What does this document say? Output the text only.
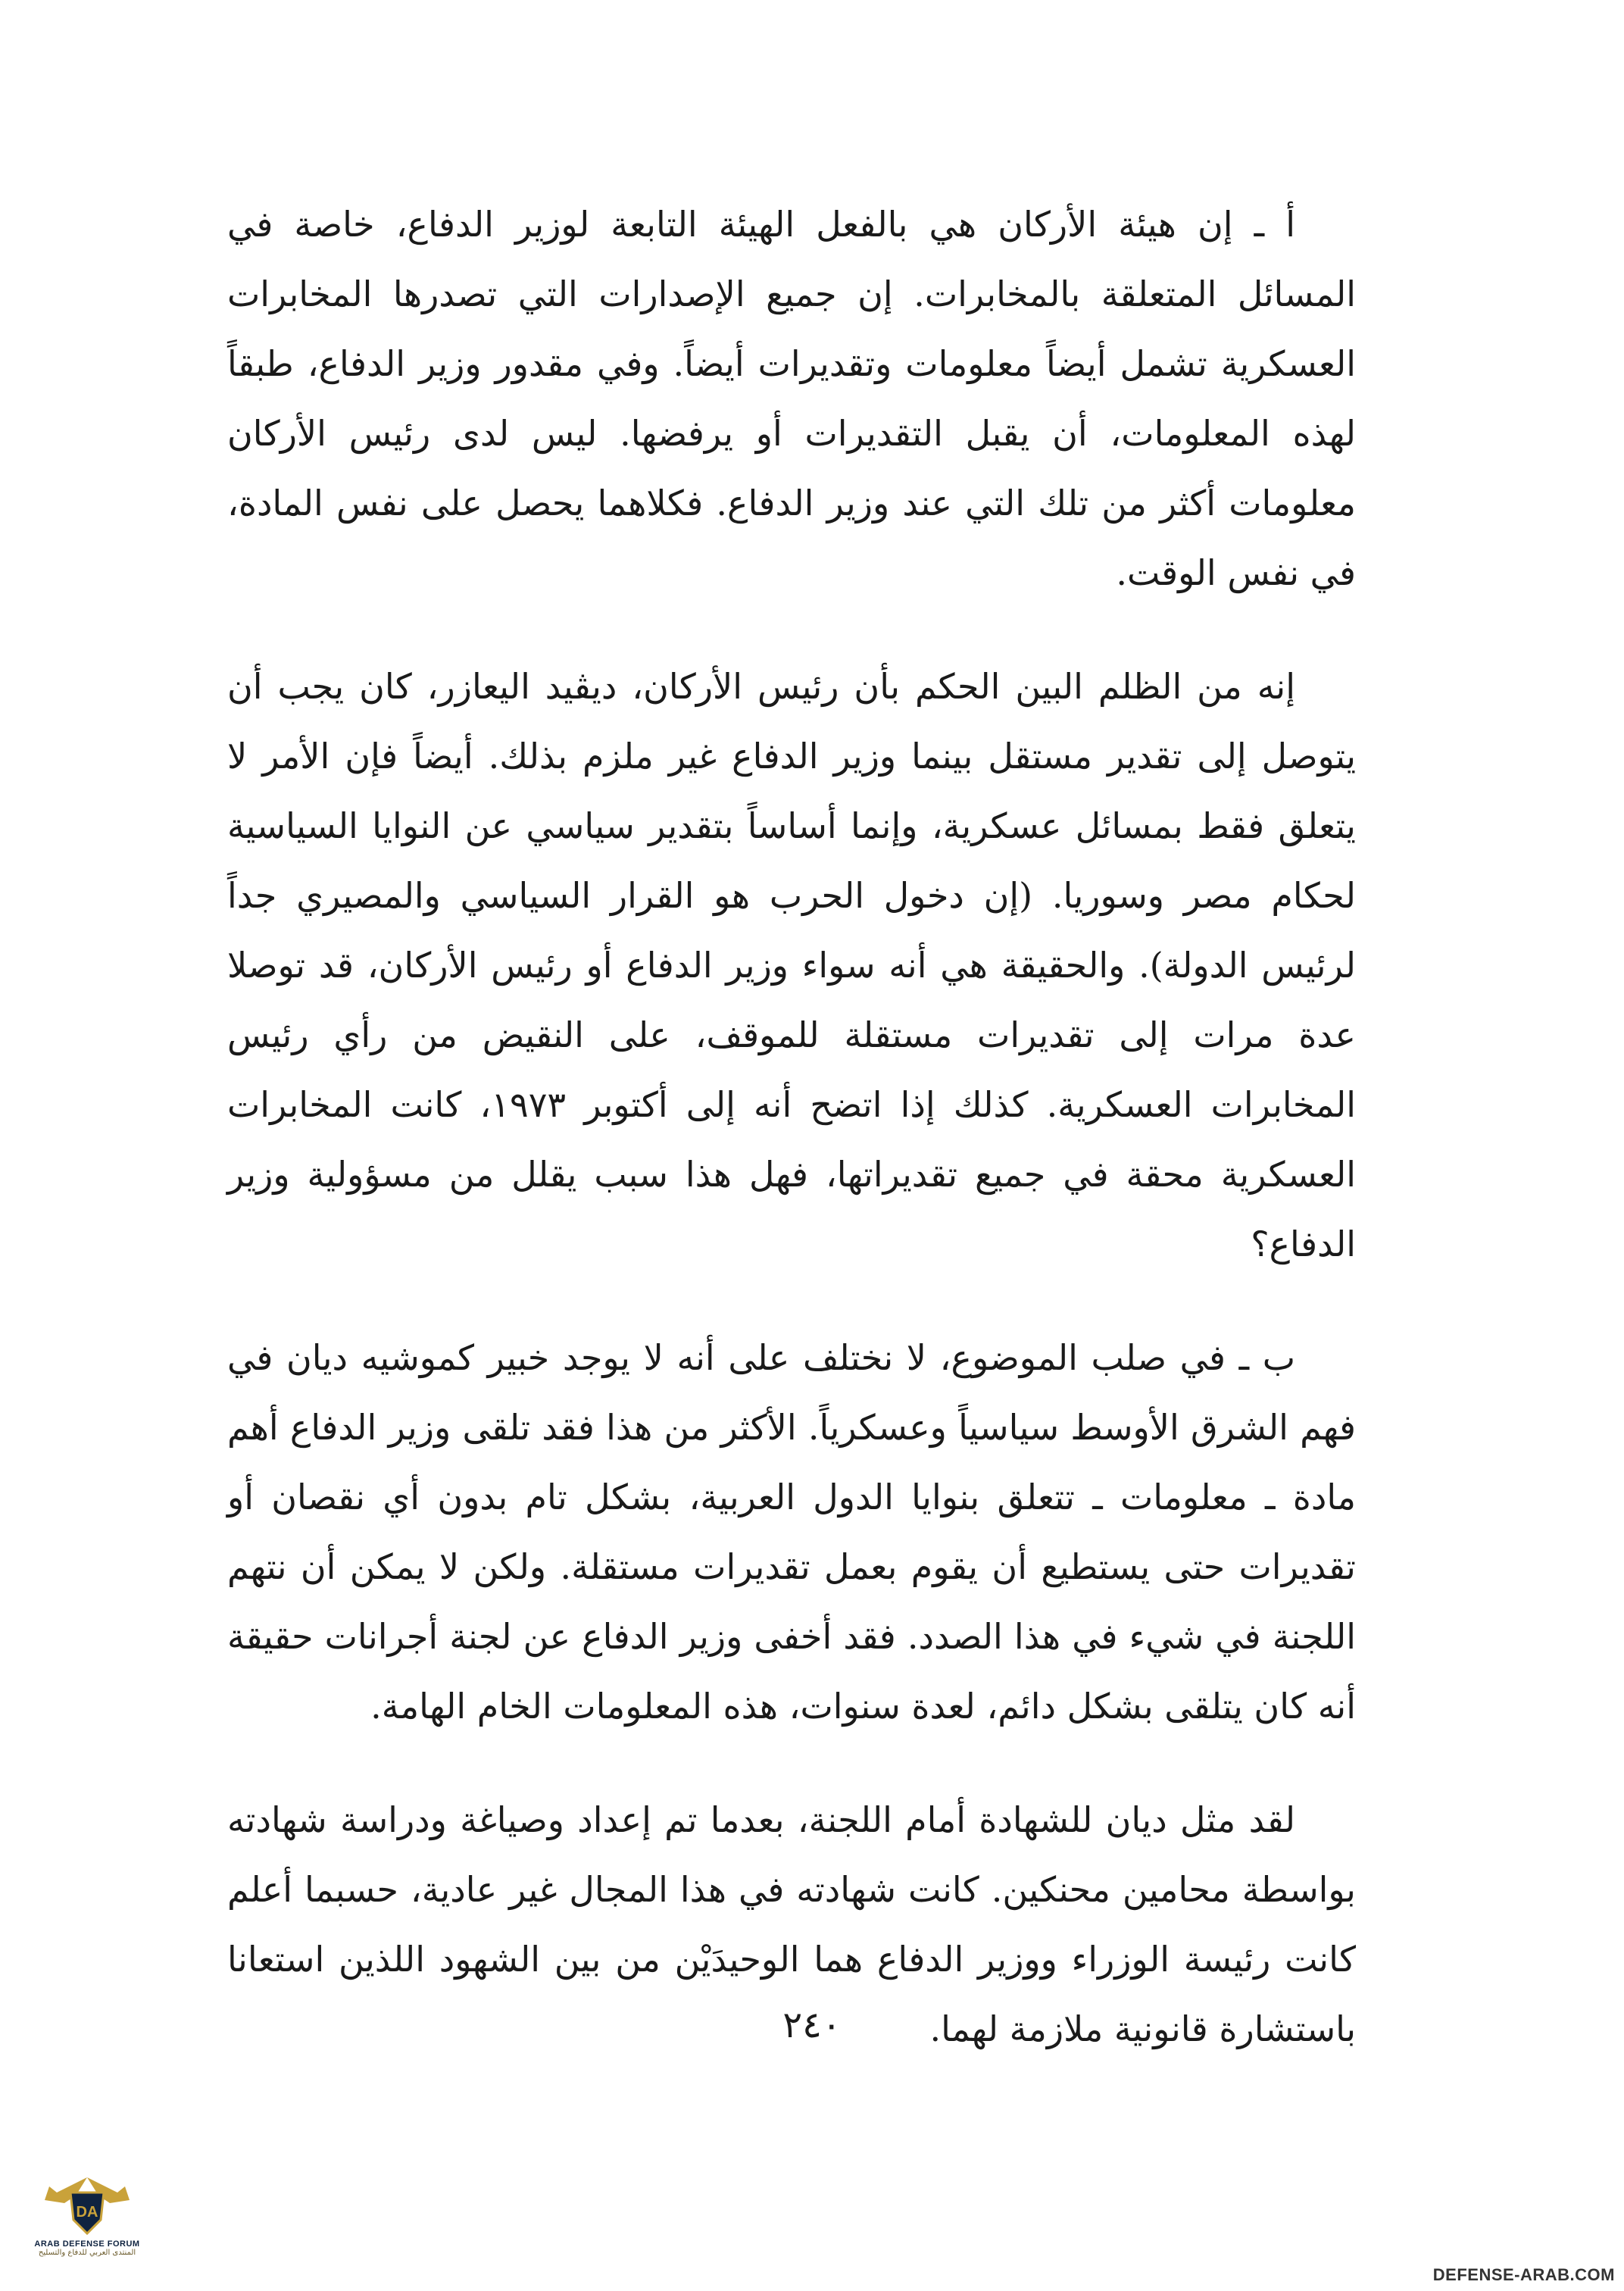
أ ـ إن هيئة الأركان هي بالفعل الهيئة التابعة لوزير الدفاع، خاصة في المسائل المتعلقة بالمخابرات. إن جميع الإصدارات التي تصدرها المخابرات العسكرية تشمل أيضاً معلومات وتقديرات أيضاً. وفي مقدور وزير الدفاع، طبقاً لهذه المعلومات، أن يقبل التقديرات أو يرفضها. ليس لدى رئيس الأركان معلومات أكثر من تلك التي عند وزير الدفاع. فكلاهما يحصل على نفس المادة، في نفس الوقت.

إنه من الظلم البين الحكم بأن رئيس الأركان، ديڤيد اليعازر، كان يجب أن يتوصل إلى تقدير مستقل بينما وزير الدفاع غير ملزم بذلك. أيضاً فإن الأمر لا يتعلق فقط بمسائل عسكرية، وإنما أساساً بتقدير سياسي عن النوايا السياسية لحكام مصر وسوريا. (إن دخول الحرب هو القرار السياسي والمصيري جداً لرئيس الدولة). والحقيقة هي أنه سواء وزير الدفاع أو رئيس الأركان، قد توصلا عدة مرات إلى تقديرات مستقلة للموقف، على النقيض من رأي رئيس المخابرات العسكرية. كذلك إذا اتضح أنه إلى أكتوبر ١٩٧٣، كانت المخابرات العسكرية محقة في جميع تقديراتها، فهل هذا سبب يقلل من مسؤولية وزير الدفاع؟

ب ـ في صلب الموضوع، لا نختلف على أنه لا يوجد خبير كموشيه ديان في فهم الشرق الأوسط سياسياً وعسكرياً. الأكثر من هذا فقد تلقى وزير الدفاع أهم مادة ـ معلومات ـ تتعلق بنوايا الدول العربية، بشكل تام بدون أي نقصان أو تقديرات حتى يستطيع أن يقوم بعمل تقديرات مستقلة. ولكن لا يمكن أن نتهم اللجنة في شيء في هذا الصدد. فقد أخفى وزير الدفاع عن لجنة أجرانات حقيقة أنه كان يتلقى بشكل دائم، لعدة سنوات، هذه المعلومات الخام الهامة.

لقد مثل ديان للشهادة أمام اللجنة، بعدما تم إعداد وصياغة ودراسة شهادته بواسطة محامين محنكين. كانت شهادته في هذا المجال غير عادية، حسبما أعلم كانت رئيسة الوزراء ووزير الدفاع هما الوحيدَيْن من بين الشهود اللذين استعانا باستشارة قانونية ملازمة لهما.

٢٤٠
DA
ARAB DEFENSE FORUM
المنتدى العربي للدفاع والتسليح
DEFENSE-ARAB.COM
